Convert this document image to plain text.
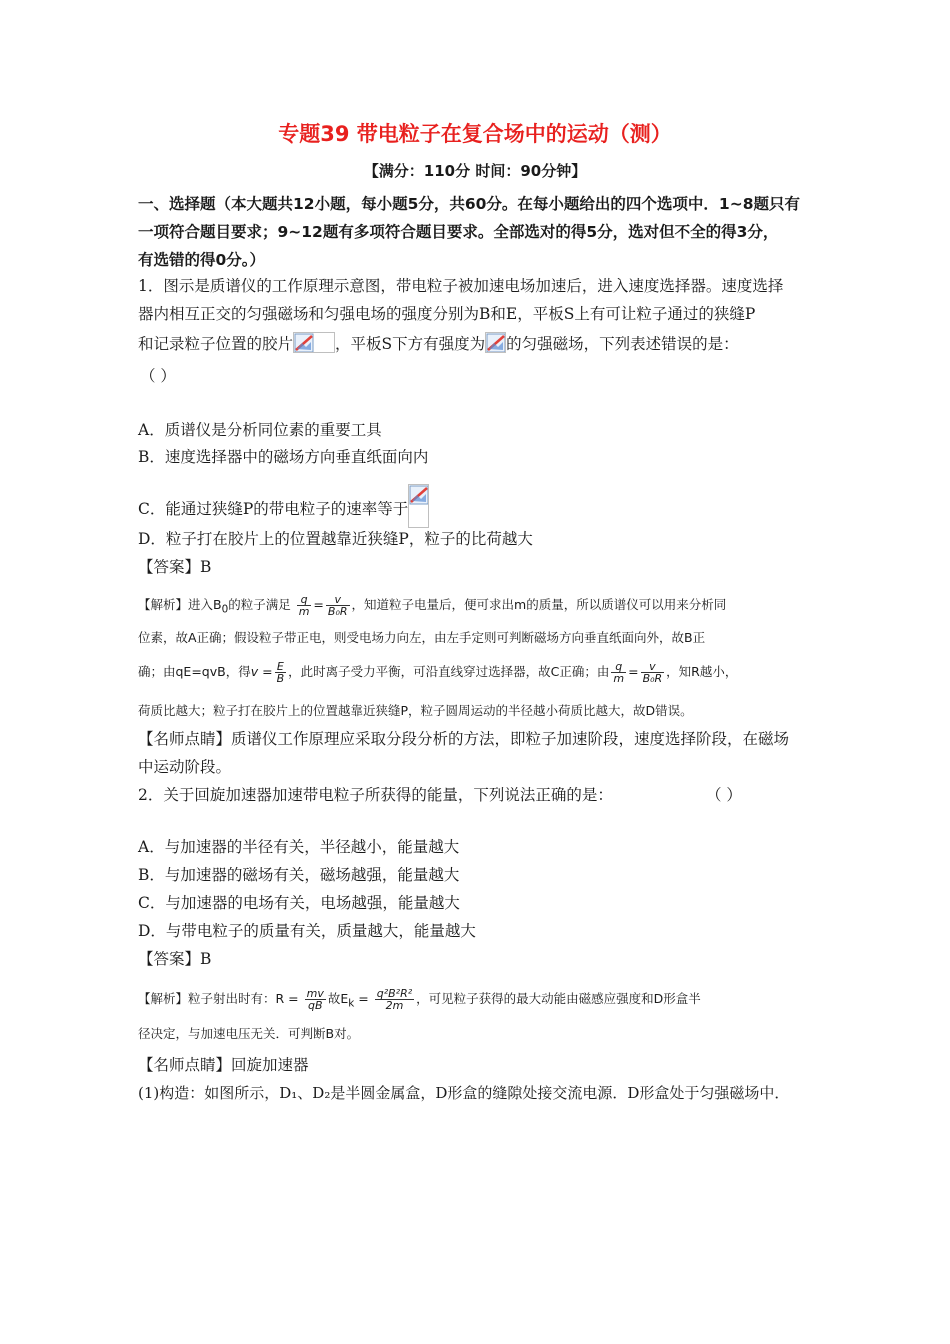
专题39 带电粒子在复合场中的运动（测）
【满分：110分 时间：90分钟】
一、选择题（本大题共12小题，每小题5分，共60分。在每小题给出的四个选项中．1~8题只有
一项符合题目要求；9~12题有多项符合题目要求。全部选对的得5分，选对但不全的得3分，
有选错的得0分。）
1．图示是质谱仪的工作原理示意图，带电粒子被加速电场加速后，进入速度选择器。速度选择
器内相互正交的匀强磁场和匀强电场的强度分别为B和E，平板S上有可让粒子通过的狭缝P
和记录粒子位置的胶片	，平板S下方有强度为 的匀强磁场，下列表述错误的是：
（ ）
A．质谱仪是分析同位素的重要工具
B．速度选择器中的磁场方向垂直纸面向内
C．能通过狭缝P的带电粒子的速率等于
D．粒子打在胶片上的位置越靠近狭缝P，粒子的比荷越大
【答案】B
【解析】进入$B_0$的粒子满足 $\frac{q}{m} = \frac{v}{\text{B₀R}}$ ，知道粒子电量后，便可求出m的质量，所以质谱仪可以用来分析同
位素，故A正确；假设粒子带正电，则受电场力向左，由左手定则可判断磁场方向垂直纸面向外，故B正
确；由qE=qvB，得$v = \frac{E}{B}$ ，此时离子受力平衡，可沿直线穿过选择器，故C正确；由 $\frac{q}{m} = \frac{v}{\text{B₀R}}$ ，知R越小，
荷质比越大；粒子打在胶片上的位置越靠近狭缝P，粒子圆周运动的半径越小荷质比越大，故D错误。
【名师点睛】质谱仪工作原理应采取分段分析的方法，即粒子加速阶段，速度选择阶段，在磁场
中运动阶段。
2．关于回旋加速器加速带电粒子所获得的能量，下列说法正确的是：	（ ）
A．与加速器的半径有关，半径越小，能量越大
B．与加速器的磁场有关，磁场越强，能量越大
C．与加速器的电场有关，电场越强，能量越大
D．与带电粒子的质量有关，质量越大，能量越大
【答案】B
【解析】粒子射出时有：$R = \frac{mv}{qB}$ 故$E_k = \frac{\text{q²B²R²}}{2m}$ ，可见粒子获得的最大动能由磁感应强度和D形盒半
径决定，与加速电压无关．可判断B对。
【名师点睛】回旋加速器
(1)构造：如图所示，D₁、D₂是半圆金属盒，D形盒的缝隙处接交流电源．D形盒处于匀强磁场中．
